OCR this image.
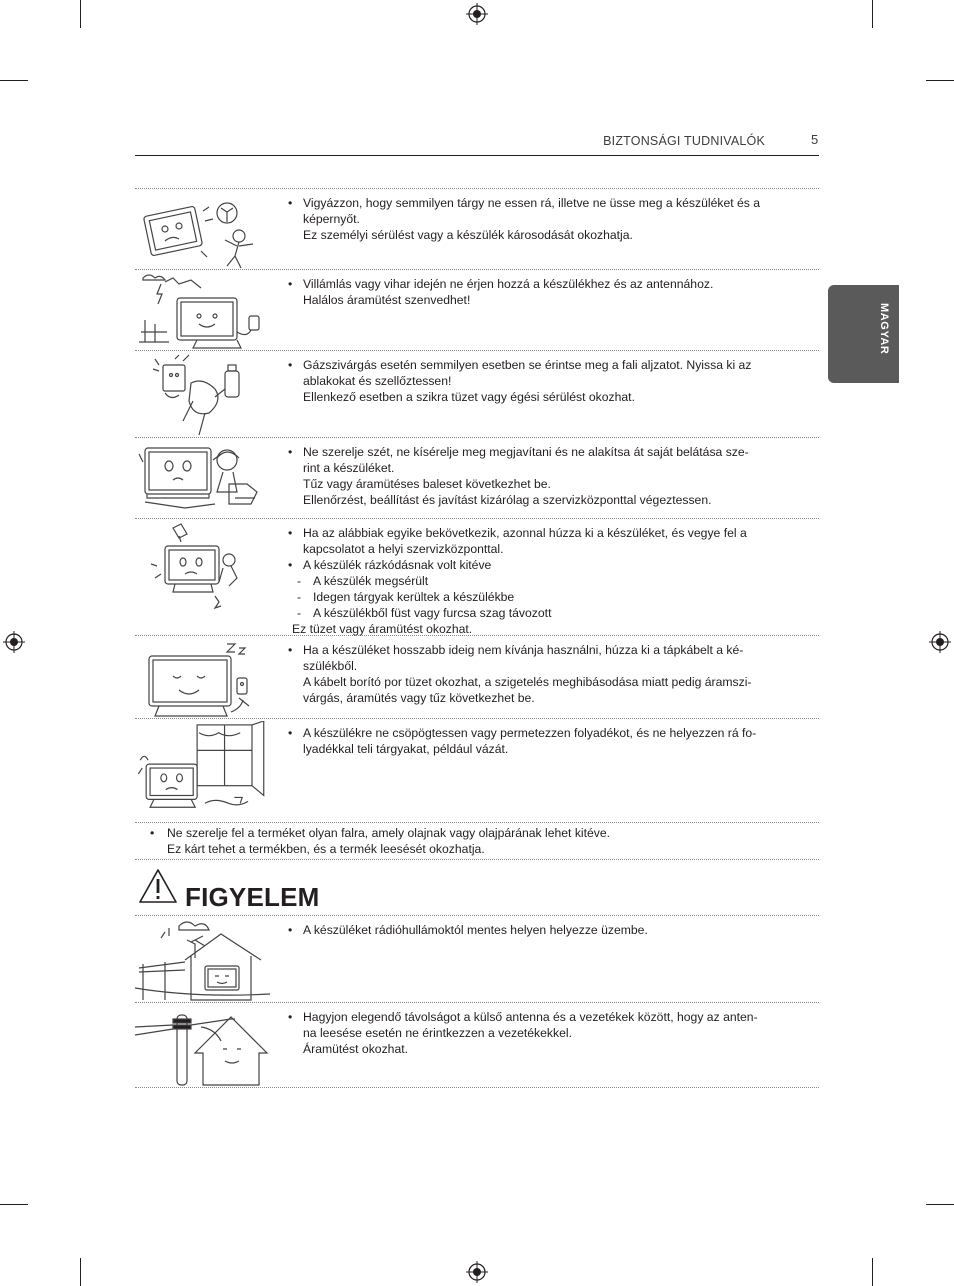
BIZTONSÁGI TUDNIVALÓK	5
MAGYAR
• Vigyázzon, hogy semmilyen tárgy ne essen rá, illetve ne üsse meg a készüléket és a
képernyőt.
Ez személyi sérülést vagy a készülék károsodását okozhatja.
• Villámlás vagy vihar idején ne érjen hozzá a készülékhez és az antennához.
Halálos áramütést szenvedhet!
• Gázszivárgás esetén semmilyen esetben se érintse meg a fali aljzatot. Nyissa ki az
ablakokat és szellőztessen!
Ellenkező esetben a szikra tüzet vagy égési sérülést okozhat.
• Ne szerelje szét, ne kísérelje meg megjavítani és ne alakítsa át saját belátása sze-
rint a készüléket.
Tűz vagy áramütéses baleset következhet be.
Ellenőrzést, beállítást és javítást kizárólag a szervizközponttal végeztessen.
• Ha az alábbiak egyike bekövetkezik, azonnal húzza ki a készüléket, és vegye fel a
kapcsolatot a helyi szervizközponttal.
• A készülék rázkódásnak volt kitéve
- A készülék megsérült
- Idegen tárgyak kerültek a készülékbe
- A készülékből füst vagy furcsa szag távozott
Ez tüzet vagy áramütést okozhat.
• Ha a készüléket hosszabb ideig nem kívánja használni, húzza ki a tápkábelt a ké-
szülékből.
A kábelt borító por tüzet okozhat, a szigetelés meghibásodása miatt pedig áramszi-
várgás, áramütés vagy tűz következhet be.
• A készülékre ne csöpögtessen vagy permetezzen folyadékot, és ne helyezzen rá fo-
lyadékkal teli tárgyakat, például vázát.
• Ne szerelje fel a terméket olyan falra, amely olajnak vagy olajpárának lehet kitéve.
Ez kárt tehet a termékben, és a termék leesését okozhatja.
FIGYELEM
• A készüléket rádióhullámoktól mentes helyen helyezze üzembe.
• Hagyjon elegendő távolságot a külső antenna és a vezetékek között, hogy az anten-
na leesése esetén ne érintkezzen a vezetékekkel.
Áramütést okozhat.
